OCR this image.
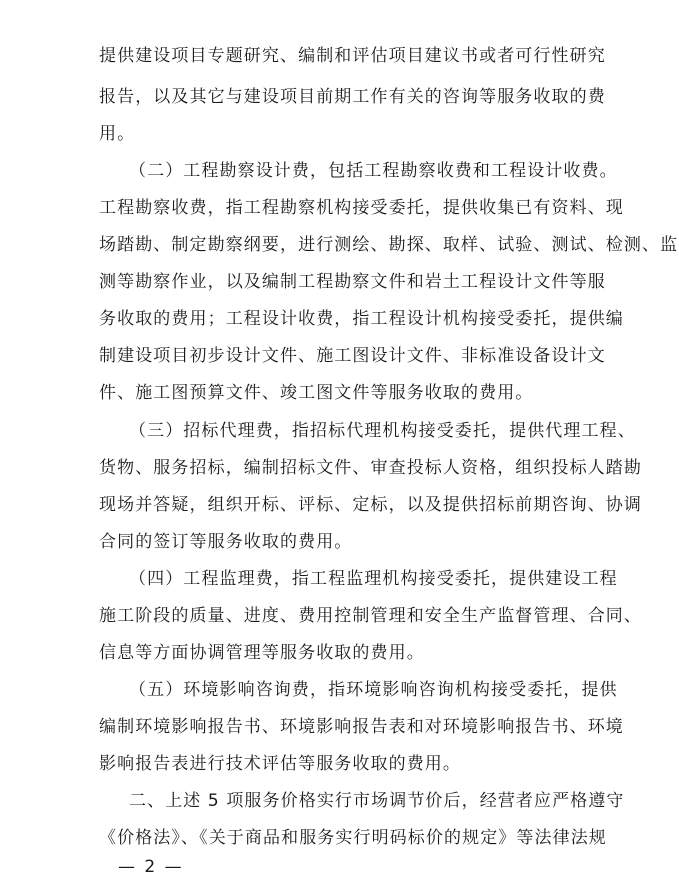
提供建设项目专题研究、编制和评估项目建议书或者可行性研究
报告，以及其它与建设项目前期工作有关的咨询等服务收取的费
用。
（二）工程勘察设计费，包括工程勘察收费和工程设计收费。
工程勘察收费，指工程勘察机构接受委托，提供收集已有资料、现
场踏勘、制定勘察纲要，进行测绘、勘探、取样、试验、测试、检测、监
测等勘察作业，以及编制工程勘察文件和岩土工程设计文件等服
务收取的费用；工程设计收费，指工程设计机构接受委托，提供编
制建设项目初步设计文件、施工图设计文件、非标准设备设计文
件、施工图预算文件、竣工图文件等服务收取的费用。
（三）招标代理费，指招标代理机构接受委托，提供代理工程、
货物、服务招标，编制招标文件、审查投标人资格，组织投标人踏勘
现场并答疑，组织开标、评标、定标，以及提供招标前期咨询、协调
合同的签订等服务收取的费用。
（四）工程监理费，指工程监理机构接受委托，提供建设工程
施工阶段的质量、进度、费用控制管理和安全生产监督管理、合同、
信息等方面协调管理等服务收取的费用。
（五）环境影响咨询费，指环境影响咨询机构接受委托，提供
编制环境影响报告书、环境影响报告表和对环境影响报告书、环境
影响报告表进行技术评估等服务收取的费用。
二、上述 5 项服务价格实行市场调节价后，经营者应严格遵守
《价格法》、《关于商品和服务实行明码标价的规定》等法律法规
— 2 —
